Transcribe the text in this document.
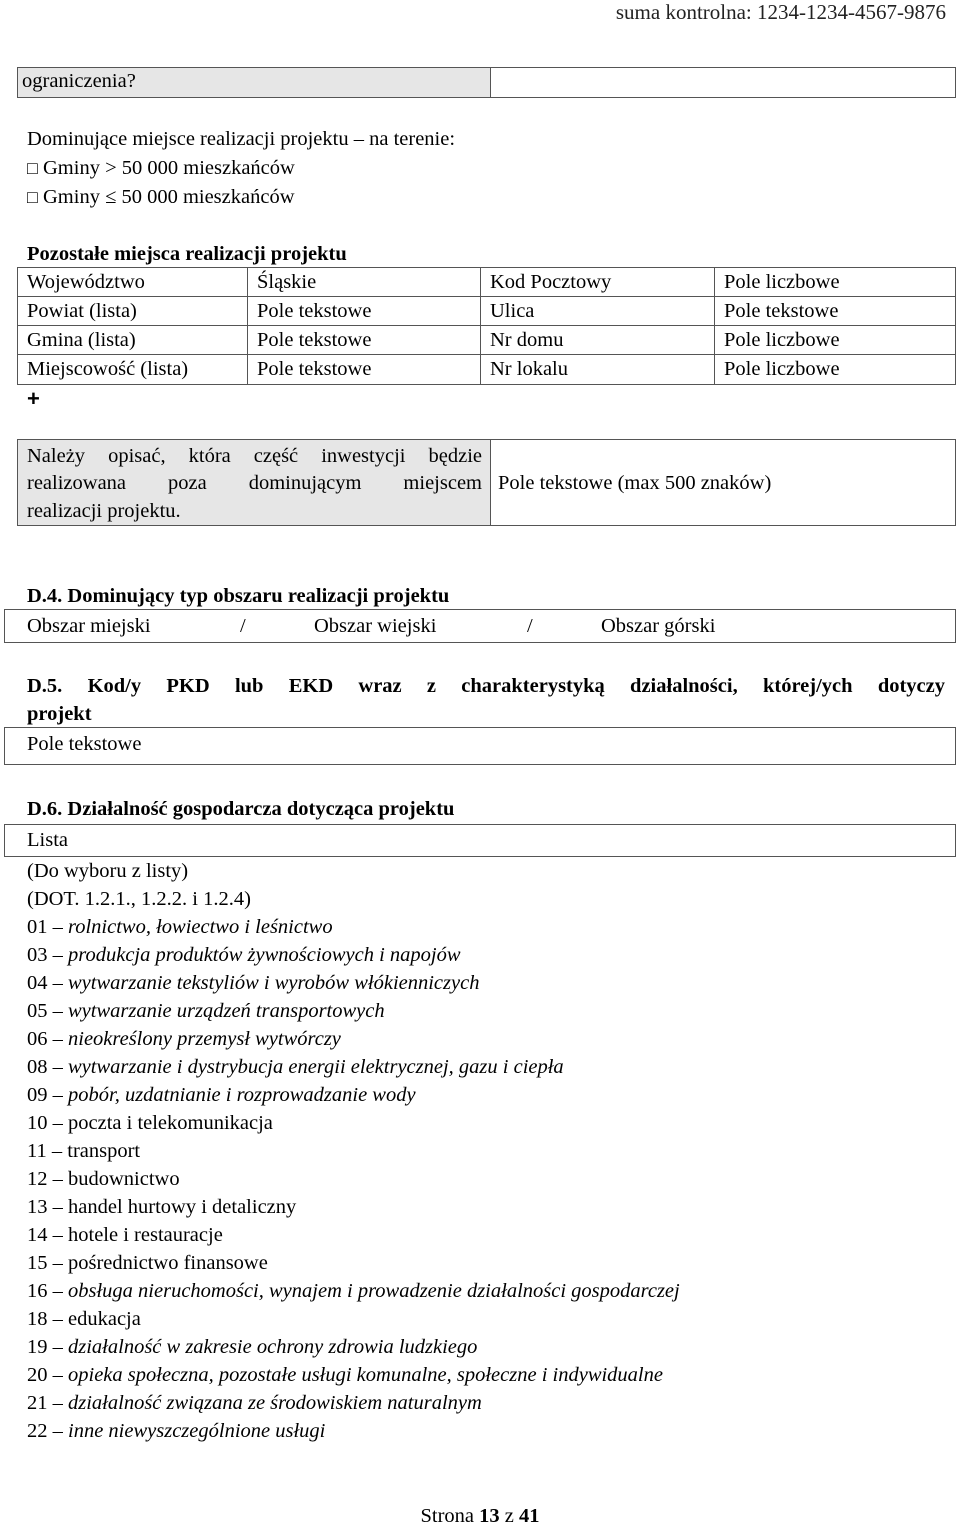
suma kontrolna: 1234-1234-4567-9876
ograniczenia?
Dominujące miejsce realizacji projektu – na terenie:
□ Gminy > 50 000 mieszkańców
□ Gminy ≤ 50 000 mieszkańców
Pozostałe miejsca realizacji projektu
Województwo	Śląskie	Kod Pocztowy	Pole liczbowe
Powiat (lista)	Pole tekstowe	Ulica	Pole tekstowe
Gmina (lista)	Pole tekstowe	Nr domu	Pole liczbowe
Miejscowość (lista)	Pole tekstowe	Nr lokalu	Pole liczbowe
+
Należy opisać, która część inwestycji będzie
realizowana poza dominującym miejscem
realizacji projektu.
Pole tekstowe (max 500 znaków)
D.4. Dominujący typ obszaru realizacji projektu
Obszar miejski	/	Obszar wiejski	/	Obszar górski
D.5. Kod/y PKD lub EKD wraz z charakterystyką działalności, której/ych dotyczy
projekt
Pole tekstowe
D.6. Działalność gospodarcza dotycząca projektu
Lista
(Do wyboru z listy)
(DOT. 1.2.1., 1.2.2. i 1.2.4)
01 – rolnictwo, łowiectwo i leśnictwo
03 – produkcja produktów żywnościowych i napojów
04 – wytwarzanie tekstyliów i wyrobów włókienniczych
05 – wytwarzanie urządzeń transportowych
06 – nieokreślony przemysł wytwórczy
08 – wytwarzanie i dystrybucja energii elektrycznej, gazu i ciepła
09 – pobór, uzdatnianie i rozprowadzanie wody
10 – poczta i telekomunikacja
11 – transport
12 – budownictwo
13 – handel hurtowy i detaliczny
14 – hotele i restauracje
15 – pośrednictwo finansowe
16 – obsługa nieruchomości, wynajem i prowadzenie działalności gospodarczej
18 – edukacja
19 – działalność w zakresie ochrony zdrowia ludzkiego
20 – opieka społeczna, pozostałe usługi komunalne, społeczne i indywidualne
21 – działalność związana ze środowiskiem naturalnym
22 – inne niewyszczególnione usługi
Strona 13 z 41
